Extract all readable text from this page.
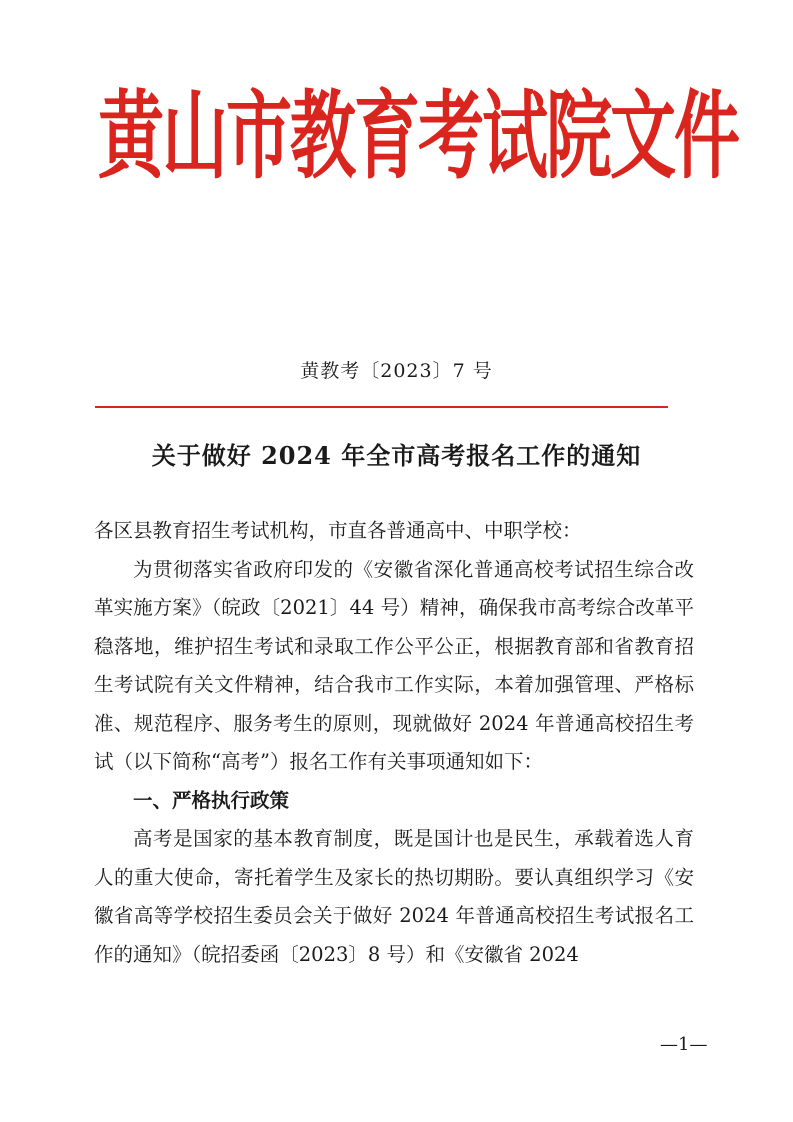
黄山市教育考试院文件
黄教考〔2023〕7 号
关于做好 2024 年全市高考报名工作的通知

各区县教育招生考试机构，市直各普通高中、中职学校：

为贯彻落实省政府印发的《安徽省深化普通高校考试招生综合改革实施方案》（皖政〔2021〕44 号）精神，确保我市高考综合改革平稳落地，维护招生考试和录取工作公平公正，根据教育部和省教育招生考试院有关文件精神，结合我市工作实际，本着加强管理、严格标准、规范程序、服务考生的原则，现就做好 2024 年普通高校招生考试（以下简称“高考”）报名工作有关事项通知如下：

一、严格执行政策

高考是国家的基本教育制度，既是国计也是民生，承载着选人育人的重大使命，寄托着学生及家长的热切期盼。要认真组织学习《安徽省高等学校招生委员会关于做好 2024 年普通高校招生考试报名工作的通知》（皖招委函〔2023〕8 号）和《安徽省 2024

—1—
